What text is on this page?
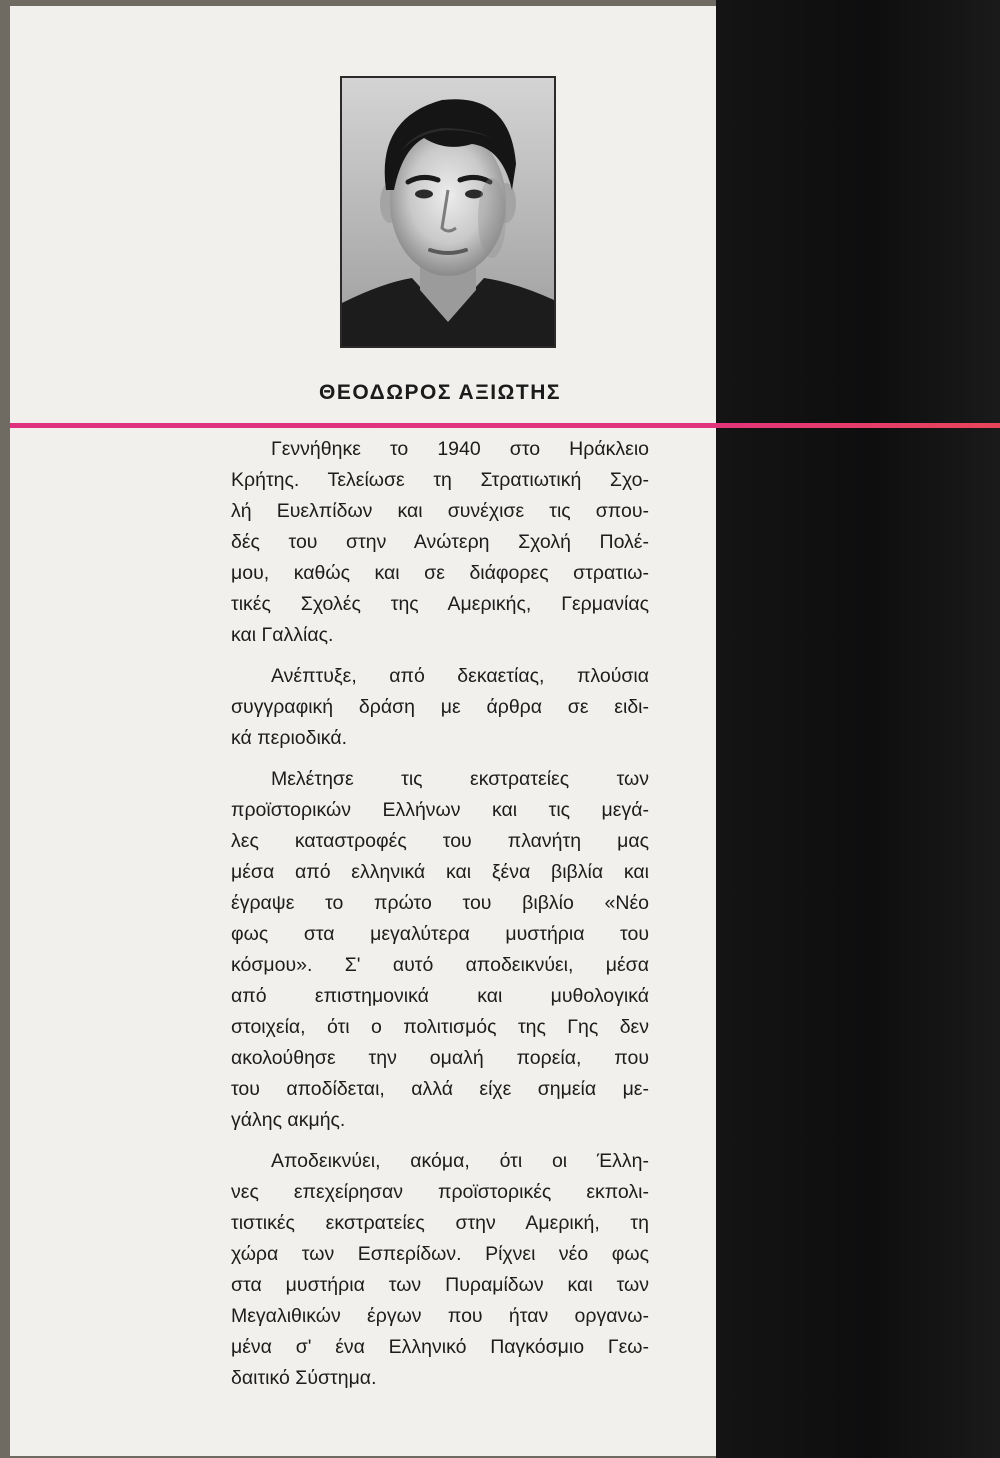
ΘΕΟΔΩΡΟΣ ΑΞΙΩΤΗΣ

Γεννήθηκε το 1940 στο Ηράκλειο
Κρήτης. Τελείωσε τη Στρατιωτική Σχο-
λή Ευελπίδων και συνέχισε τις σπου-
δές του στην Ανώτερη Σχολή Πολέ-
μου, καθώς και σε διάφορες στρατιω-
τικές Σχολές της Αμερικής, Γερμανίας
και Γαλλίας.

Ανέπτυξε, από δεκαετίας, πλούσια
συγγραφική δράση με άρθρα σε ειδι-
κά περιοδικά.

Μελέτησε τις εκστρατείες των
προϊστορικών Ελλήνων και τις μεγά-
λες καταστροφές του πλανήτη μας
μέσα από ελληνικά και ξένα βιβλία και
έγραψε το πρώτο του βιβλίο «Νέο
φως στα μεγαλύτερα μυστήρια του
κόσμου». Σ' αυτό αποδεικνύει, μέσα
από επιστημονικά και μυθολογικά
στοιχεία, ότι ο πολιτισμός της Γης δεν
ακολούθησε την ομαλή πορεία, που
του αποδίδεται, αλλά είχε σημεία με-
γάλης ακμής.

Αποδεικνύει, ακόμα, ότι οι Έλλη-
νες επεχείρησαν προϊστορικές εκπολι-
τιστικές εκστρατείες στην Αμερική, τη
χώρα των Εσπερίδων. Ρίχνει νέο φως
στα μυστήρια των Πυραμίδων και των
Μεγαλιθικών έργων που ήταν οργανω-
μένα σ' ένα Ελληνικό Παγκόσμιο Γεω-
δαιτικό Σύστημα.
